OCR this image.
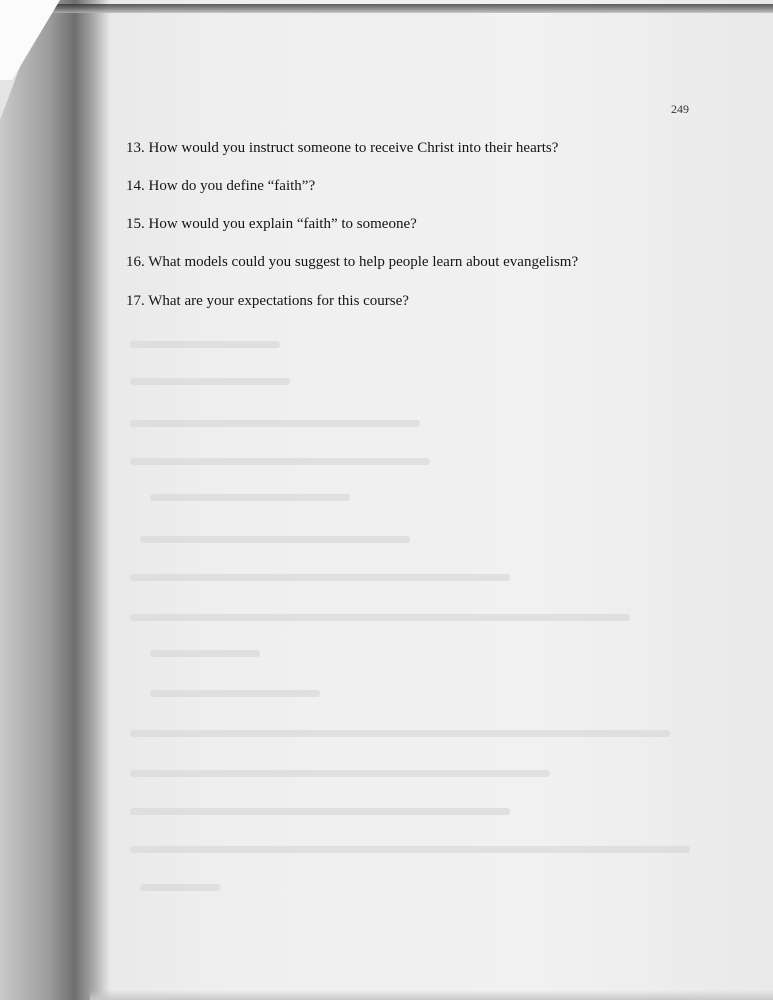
249
13. How would you instruct someone to receive Christ into their hearts?
14. How do you define “faith”?
15. How would you explain “faith” to someone?
16. What models could you suggest to help people learn about evangelism?
17. What are your expectations for this course?
